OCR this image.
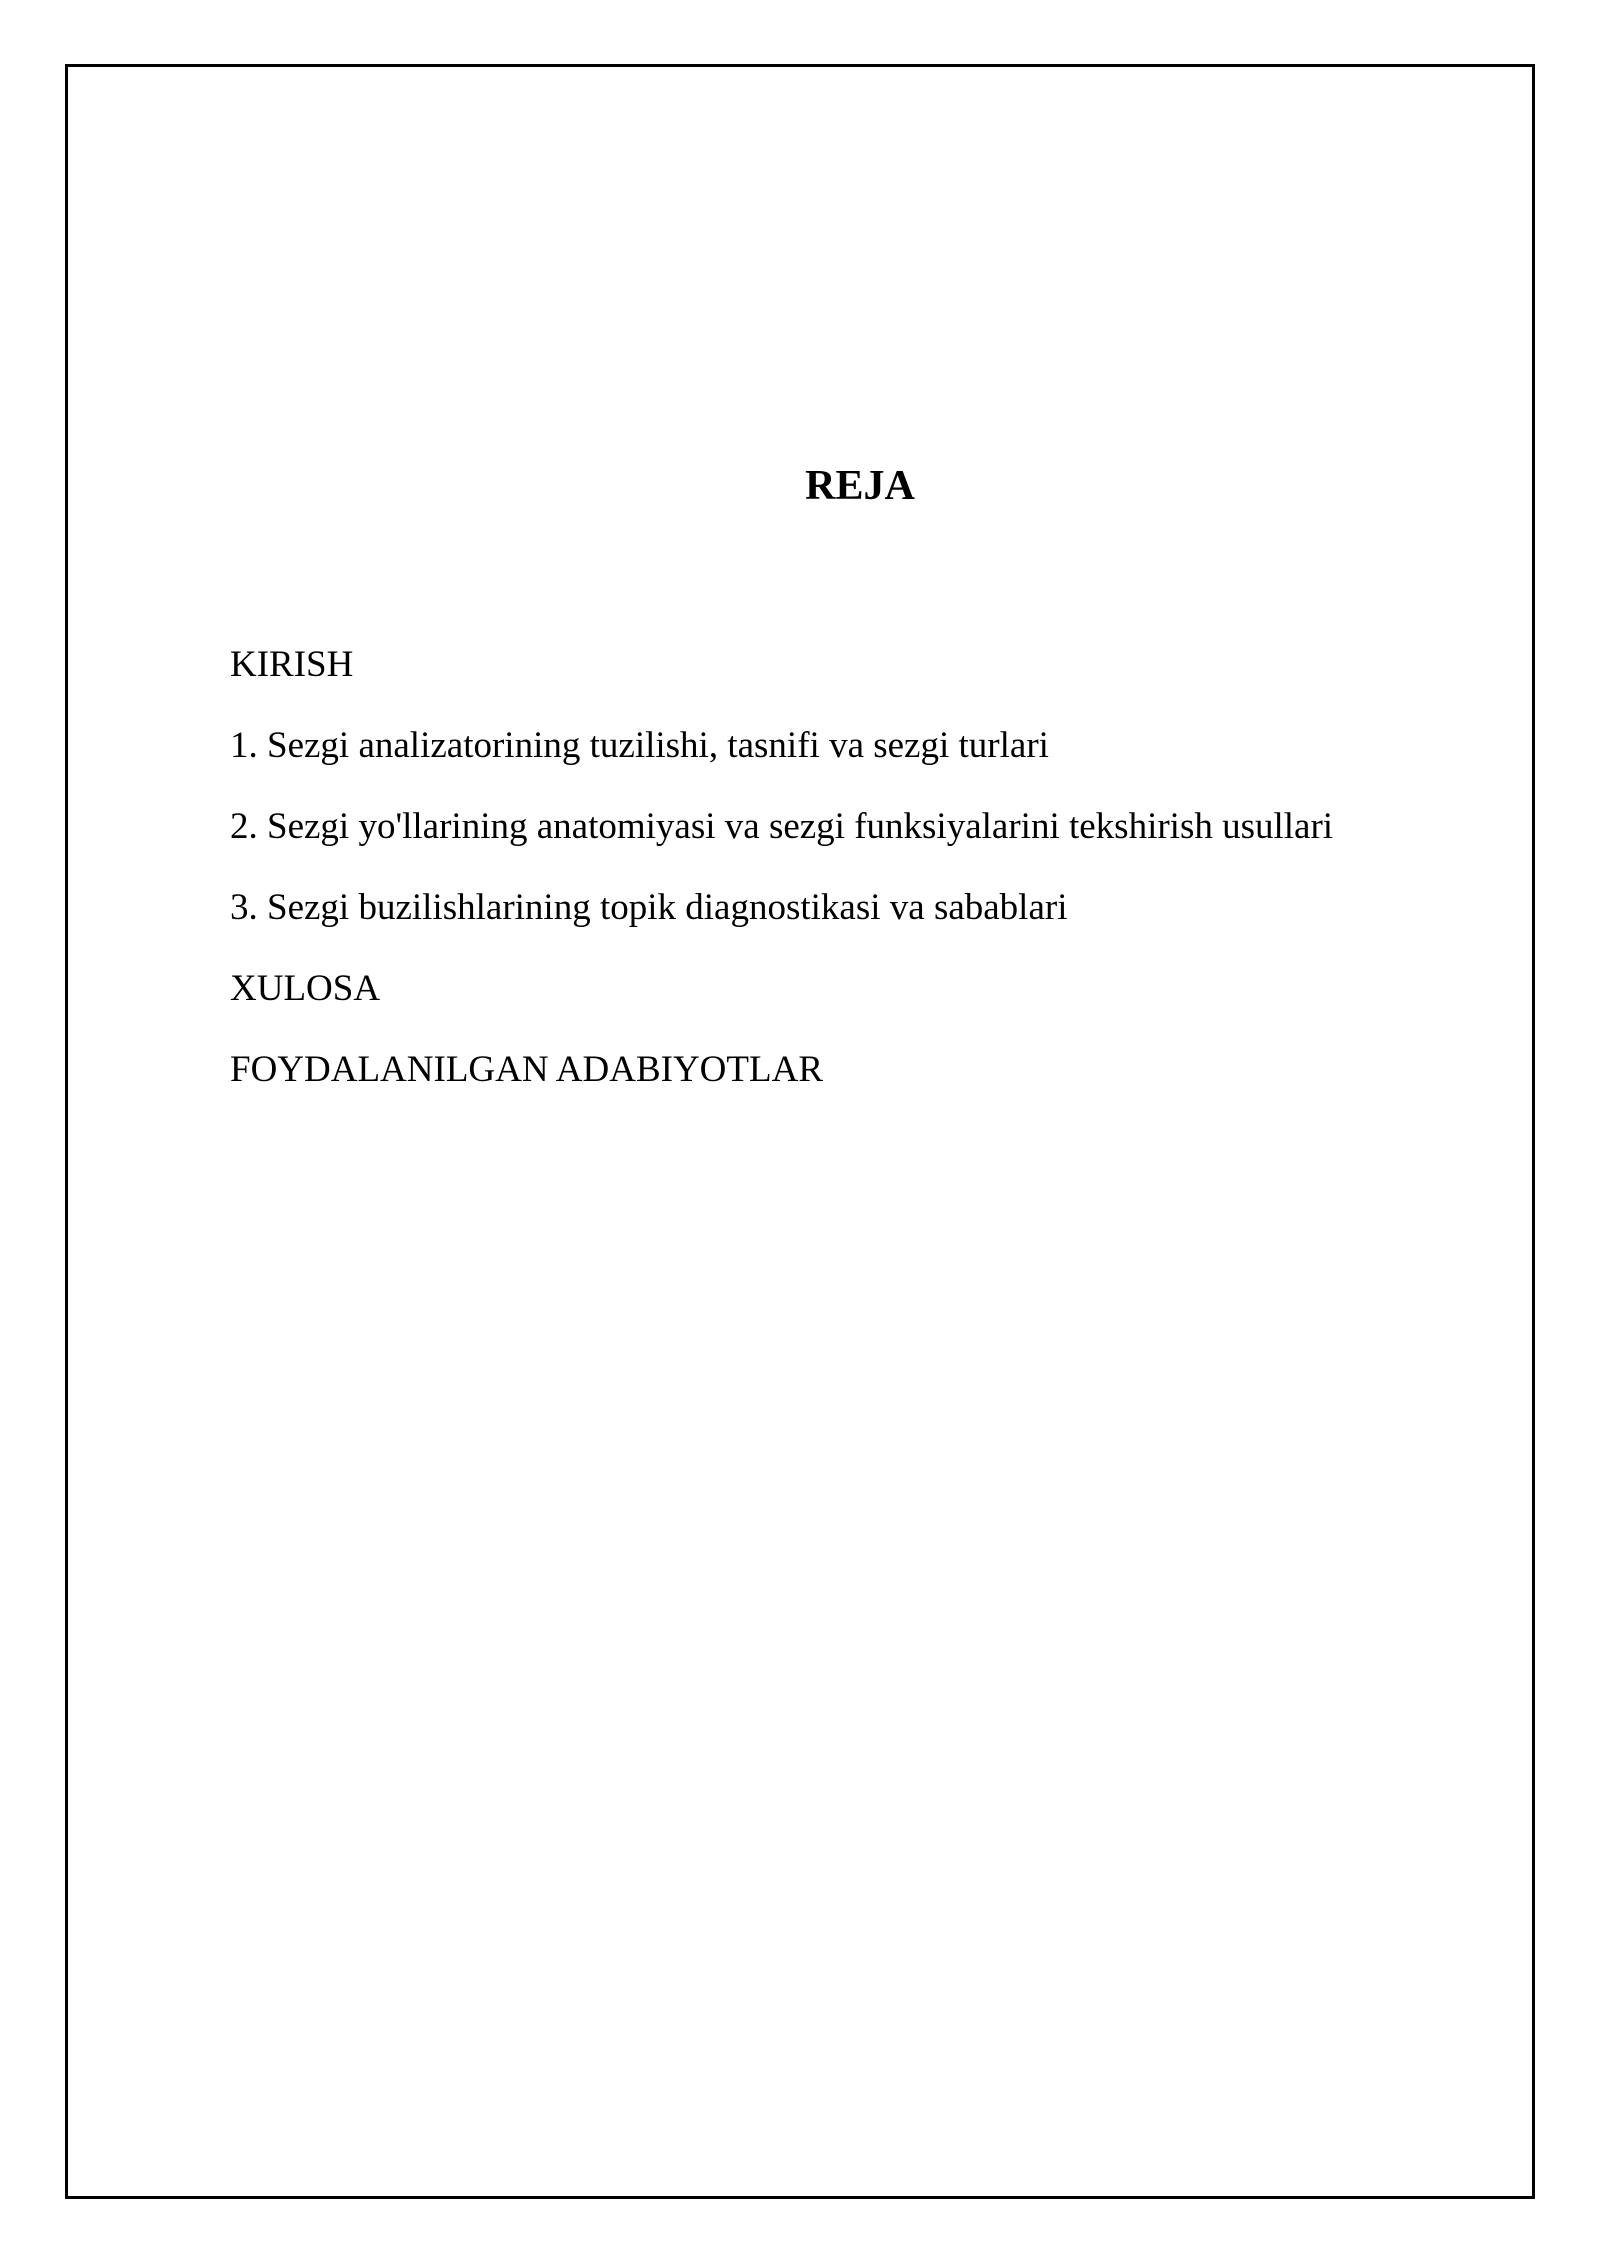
REJA
KIRISH
1. Sezgi analizatorining tuzilishi, tasnifi va sezgi turlari
2. Sezgi yo'llarining anatomiyasi va sezgi funksiyalarini tekshirish usullari
3. Sezgi buzilishlarining topik diagnostikasi va sabablari
XULOSA
FOYDALANILGAN ADABIYOTLAR
